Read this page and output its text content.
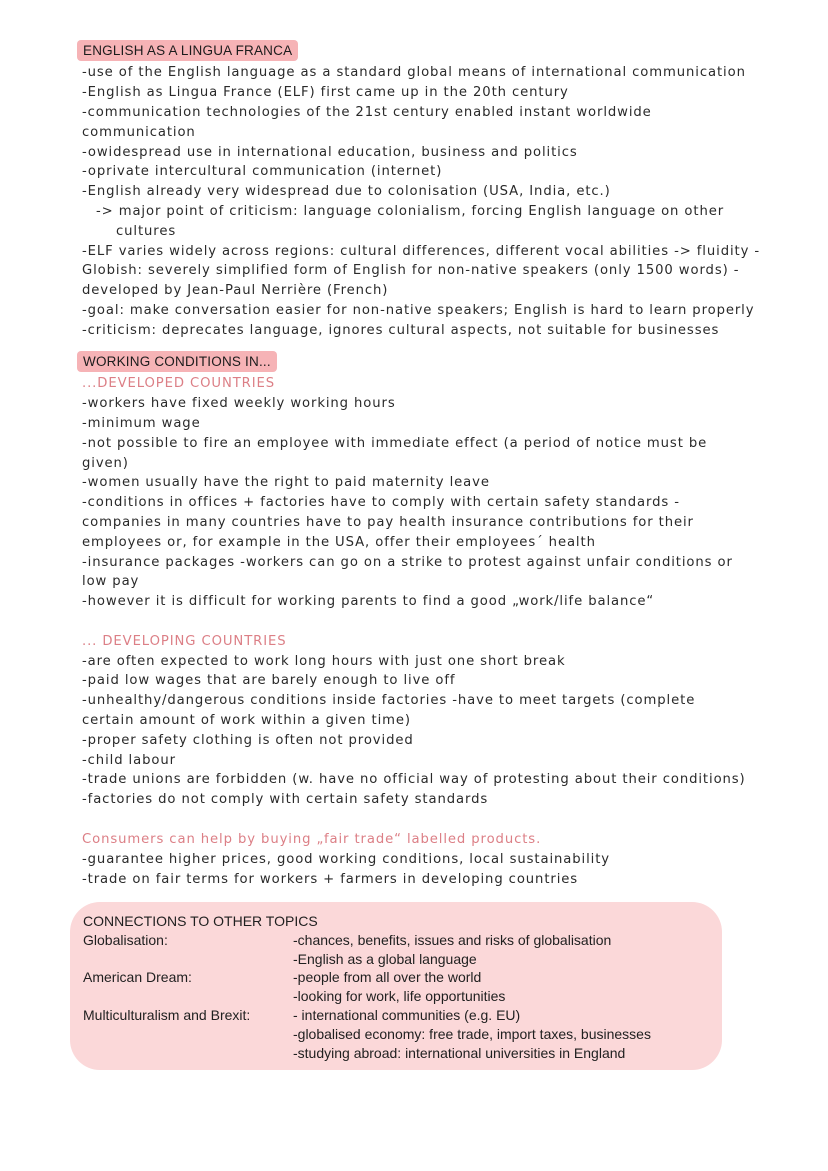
ENGLISH AS A LINGUA FRANCA
-use of the English language as a standard global means of international communication
-English as Lingua France (ELF) first came up in the 20th century
-communication technologies of the 21st century enabled instant worldwide
communication
-owidespread use in international education, business and politics
-oprivate intercultural communication (internet)
-English already very widespread due to colonisation (USA, India, etc.)
-> major point of criticism: language colonialism, forcing English language on other
cultures
-ELF varies widely across regions: cultural differences, different vocal abilities -> fluidity -
Globish: severely simplified form of English for non-native speakers (only 1500 words) -
developed by Jean-Paul Nerrière (French)
-goal: make conversation easier for non-native speakers; English is hard to learn properly
-criticism: deprecates language, ignores cultural aspects, not suitable for businesses
WORKING CONDITIONS IN...
...DEVELOPED COUNTRIES
-workers have fixed weekly working hours
-minimum wage
-not possible to fire an employee with immediate effect (a period of notice must be
given)
-women usually have the right to paid maternity leave
-conditions in offices + factories have to comply with certain safety standards -
companies in many countries have to pay health insurance contributions for their
employees or, for example in the USA, offer their employees´ health
-insurance packages -workers can go on a strike to protest against unfair conditions or
low pay
-however it is difficult for working parents to find a good „work/life balance“
... DEVELOPING COUNTRIES
-are often expected to work long hours with just one short break
-paid low wages that are barely enough to live off
-unhealthy/dangerous conditions inside factories -have to meet targets (complete
certain amount of work within a given time)
-proper safety clothing is often not provided
-child labour
-trade unions are forbidden (w. have no official way of protesting about their conditions)
-factories do not comply with certain safety standards
Consumers can help by buying „fair trade“ labelled products.
-guarantee higher prices, good working conditions, local sustainability
-trade on fair terms for workers + farmers in developing countries
CONNECTIONS TO OTHER TOPICS
Globalisation:	-chances, benefits, issues and risks of globalisation
-English as a global language
American Dream:	-people from all over the world
-looking for work, life opportunities
Multiculturalism and Brexit:	- international communities (e.g. EU)
-globalised economy: free trade, import taxes, businesses
-studying abroad: international universities in England
